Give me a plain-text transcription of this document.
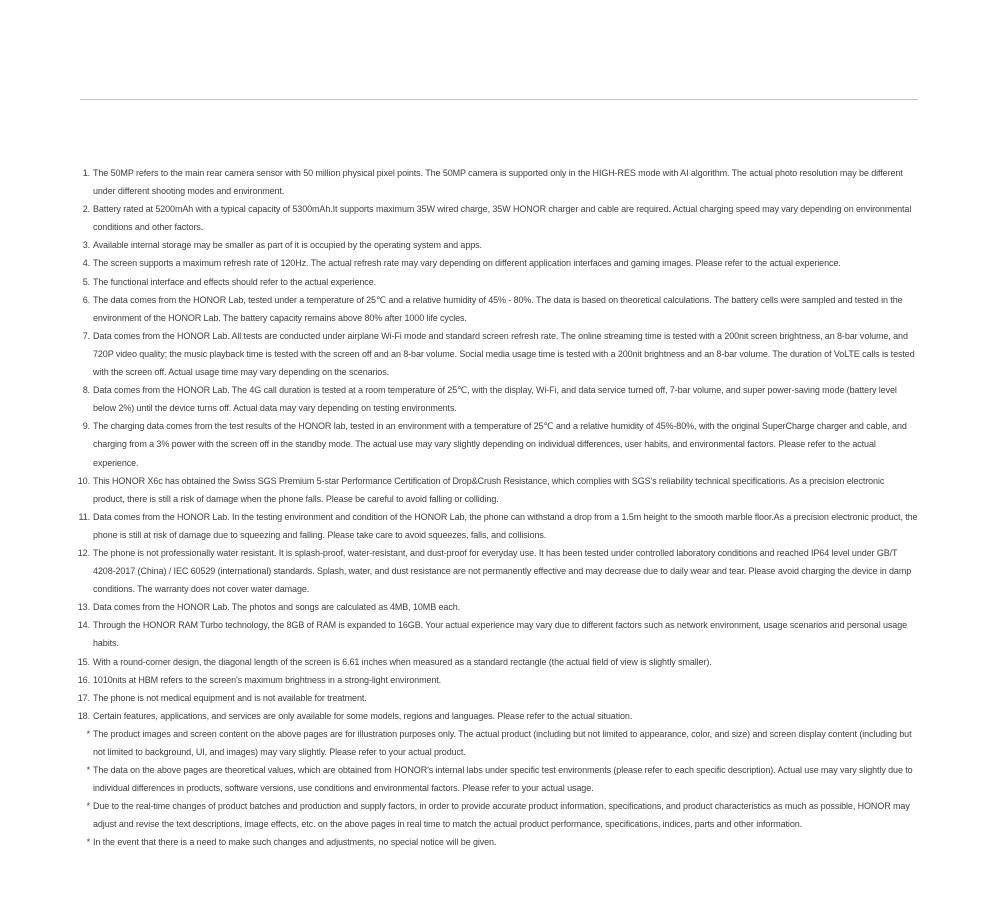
1. The 50MP refers to the main rear camera sensor with 50 million physical pixel points. The 50MP camera is supported only in the HIGH-RES mode with AI algorithm. The actual photo resolution may be different under different shooting modes and environment.
2. Battery rated at 5200mAh with a typical capacity of 5300mAh.It supports maximum 35W wired charge, 35W HONOR charger and cable are required. Actual charging speed may vary depending on environmental conditions and other factors.
3. Available internal storage may be smaller as part of it is occupied by the operating system and apps.
4. The screen supports a maximum refresh rate of 120Hz. The actual refresh rate may vary depending on different application interfaces and gaming images. Please refer to the actual experience.
5. The functional interface and effects should refer to the actual experience.
6. The data comes from the HONOR Lab, tested under a temperature of 25℃ and a relative humidity of 45% - 80%. The data is based on theoretical calculations. The battery cells were sampled and tested in the environment of the HONOR Lab. The battery capacity remains above 80% after 1000 life cycles.
7. Data comes from the HONOR Lab. All tests are conducted under airplane Wi-Fi mode and standard screen refresh rate. The online streaming time is tested with a 200nit screen brightness, an 8-bar volume, and 720P video quality; the music playback time is tested with the screen off and an 8-bar volume. Social media usage time is tested with a 200nit brightness and an 8-bar volume. The duration of VoLTE calls is tested with the screen off. Actual usage time may vary depending on the scenarios.
8. Data comes from the HONOR Lab. The 4G call duration is tested at a room temperature of 25℃, with the display, Wi-Fi, and data service turned off, 7-bar volume, and super power-saving mode (battery level below 2%) until the device turns off. Actual data may vary depending on testing environments.
9. The charging data comes from the test results of the HONOR lab, tested in an environment with a temperature of 25℃ and a relative humidity of 45%-80%, with the original SuperCharge charger and cable, and charging from a 3% power with the screen off in the standby mode. The actual use may vary slightly depending on individual differences, user habits, and environmental factors. Please refer to the actual experience.
10. This HONOR X6c has obtained the Swiss SGS Premium 5-star Performance Certification of Drop&Crush Resistance, which complies with SGS's reliability technical specifications. As a precision electronic product, there is still a risk of damage when the phone falls. Please be careful to avoid falling or colliding.
11. Data comes from the HONOR Lab. In the testing environment and condition of the HONOR Lab, the phone can withstand a drop from a 1.5m height to the smooth marble floor.As a precision electronic product, the phone is still at risk of damage due to squeezing and falling. Please take care to avoid squeezes, falls, and collisions.
12. The phone is not professionally water resistant. It is splash-proof, water-resistant, and dust-proof for everyday use. It has been tested under controlled laboratory conditions and reached IP64 level under GB/T 4208-2017 (China) / IEC 60529 (international) standards. Splash, water, and dust resistance are not permanently effective and may decrease due to daily wear and tear. Please avoid charging the device in damp conditions. The warranty does not cover water damage.
13. Data comes from the HONOR Lab. The photos and songs are calculated as 4MB, 10MB each.
14. Through the HONOR RAM Turbo technology, the 8GB of RAM is expanded to 16GB. Your actual experience may vary due to different factors such as network environment, usage scenarios and personal usage habits.
15. With a round-corner design, the diagonal length of the screen is 6.61 inches when measured as a standard rectangle (the actual field of view is slightly smaller).
16. 1010nits at HBM refers to the screen's maximum brightness in a strong-light environment.
17. The phone is not medical equipment and is not available for treatment.
18. Certain features, applications, and services are only available for some models, regions and languages. Please refer to the actual situation.
* The product images and screen content on the above pages are for illustration purposes only. The actual product (including but not limited to appearance, color, and size) and screen display content (including but not limited to background, UI, and images) may vary slightly. Please refer to your actual product.
* The data on the above pages are theoretical values, which are obtained from HONOR's internal labs under specific test environments (please refer to each specific description). Actual use may vary slightly due to individual differences in products, software versions, use conditions and environmental factors. Please refer to your actual usage.
* Due to the real-time changes of product batches and production and supply factors, in order to provide accurate product information, specifications, and product characteristics as much as possible, HONOR may adjust and revise the text descriptions, image effects, etc. on the above pages in real time to match the actual product performance, specifications, indices, parts and other information.
* In the event that there is a need to make such changes and adjustments, no special notice will be given.
